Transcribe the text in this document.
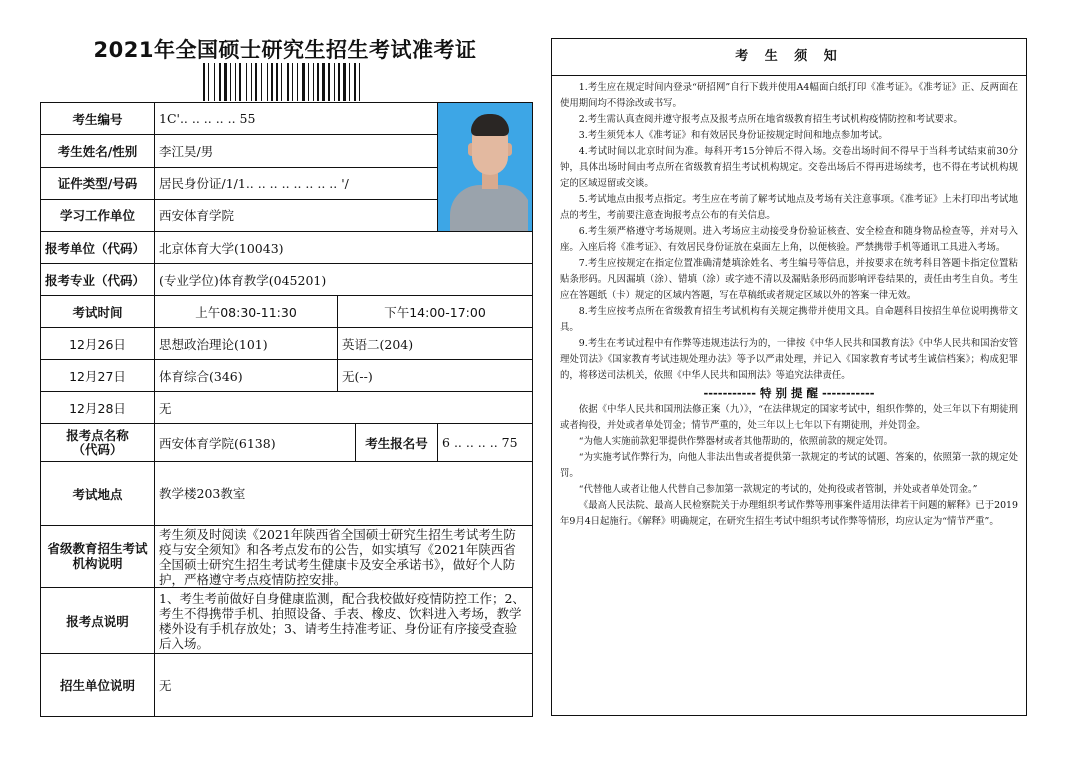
2021年全国硕士研究生招生考试准考证
考生编号	1C'.. .. .. .. .. 55			

考生姓名/性别	李江昊/男			
证件类型/号码	居民身份证/1/1.. .. .. .. .. .. .. .. '/			
学习工作单位	西安体育学院			
报考单位（代码）	北京体育大学(10043)			
报考专业（代码）	(专业学位)体育教学(045201)			
考试时间	上午08:30-11:30	下午14:00-17:00		
12月26日	思想政治理论(101)	英语二(204)		
12月27日	体育综合(346)	无(--)		
12月28日	无			
报考点名称
（代码）	西安体育学院(6138)		考生报名号	6 .. .. .. .. 75
考试地点	教学楼203教室			
省级教育招生考试
机构说明	考生须及时阅读《2021年陕西省全国硕士研究生招生考试考生防疫与安全须知》和各考点发布的公告，如实填写《2021年陕西省全国硕士研究生招生考试考生健康卡及安全承诺书》，做好个人防护，严格遵守考点疫情防控安排。			
报考点说明	1、考生考前做好自身健康监测，配合我校做好疫情防控工作；2、考生不得携带手机、拍照设备、手表、橡皮、饮料进入考场，教学楼外设有手机存放处；3、请考生持准考证、身份证有序接受查验后入场。			
招生单位说明	无			
考 生 须 知

1.考生应在规定时间内登录“研招网”自行下载并使用A4幅面白纸打印《准考证》。《准考证》正、反两面在使用期间均不得涂改或书写。

2.考生需认真查阅并遵守报考点及报考点所在地省级教育招生考试机构疫情防控和考试要求。

3.考生须凭本人《准考证》和有效居民身份证按规定时间和地点参加考试。

4.考试时间以北京时间为准。每科开考15分钟后不得入场。交卷出场时间不得早于当科考试结束前30分钟，具体出场时间由考点所在省级教育招生考试机构规定。交卷出场后不得再进场续考，也不得在考试机构规定的区域逗留或交谈。

5.考试地点由报考点指定。考生应在考前了解考试地点及考场有关注意事项。《准考证》上未打印出考试地点的考生，考前要注意查询报考点公布的有关信息。

6.考生须严格遵守考场规则。进入考场应主动接受身份验证核查、安全检查和随身物品检查等，并对号入座。入座后将《准考证》、有效居民身份证放在桌面左上角，以便核验。严禁携带手机等通讯工具进入考场。

7.考生应按规定在指定位置准确清楚填涂姓名、考生编号等信息，并按要求在统考科目答题卡指定位置粘贴条形码。凡因漏填（涂）、错填（涂）或字迹不清以及漏贴条形码而影响评卷结果的，责任由考生自负。考生应在答题纸（卡）规定的区域内答题，写在草稿纸或者规定区域以外的答案一律无效。

8.考生应按考点所在省级教育招生考试机构有关规定携带并使用文具。自命题科目按招生单位说明携带文具。

9.考生在考试过程中有作弊等违规违法行为的，一律按《中华人民共和国教育法》《中华人民共和国治安管理处罚法》《国家教育考试违规处理办法》等予以严肃处理，并记入《国家教育考试考生诚信档案》；构成犯罪的，将移送司法机关，依照《中华人民共和国刑法》等追究法律责任。

----------- 特 别 提 醒 -----------

依据《中华人民共和国刑法修正案（九）》，“在法律规定的国家考试中，组织作弊的，处三年以下有期徒刑或者拘役，并处或者单处罚金；情节严重的，处三年以上七年以下有期徒刑，并处罚金。

“为他人实施前款犯罪提供作弊器材或者其他帮助的，依照前款的规定处罚。

“为实施考试作弊行为，向他人非法出售或者提供第一款规定的考试的试题、答案的，依照第一款的规定处罚。

“代替他人或者让他人代替自己参加第一款规定的考试的，处拘役或者管制，并处或者单处罚金。”

《最高人民法院、最高人民检察院关于办理组织考试作弊等刑事案件适用法律若干问题的解释》已于2019年9月4日起施行。《解释》明确规定，在研究生招生考试中组织考试作弊等情形，均应认定为“情节严重”。
